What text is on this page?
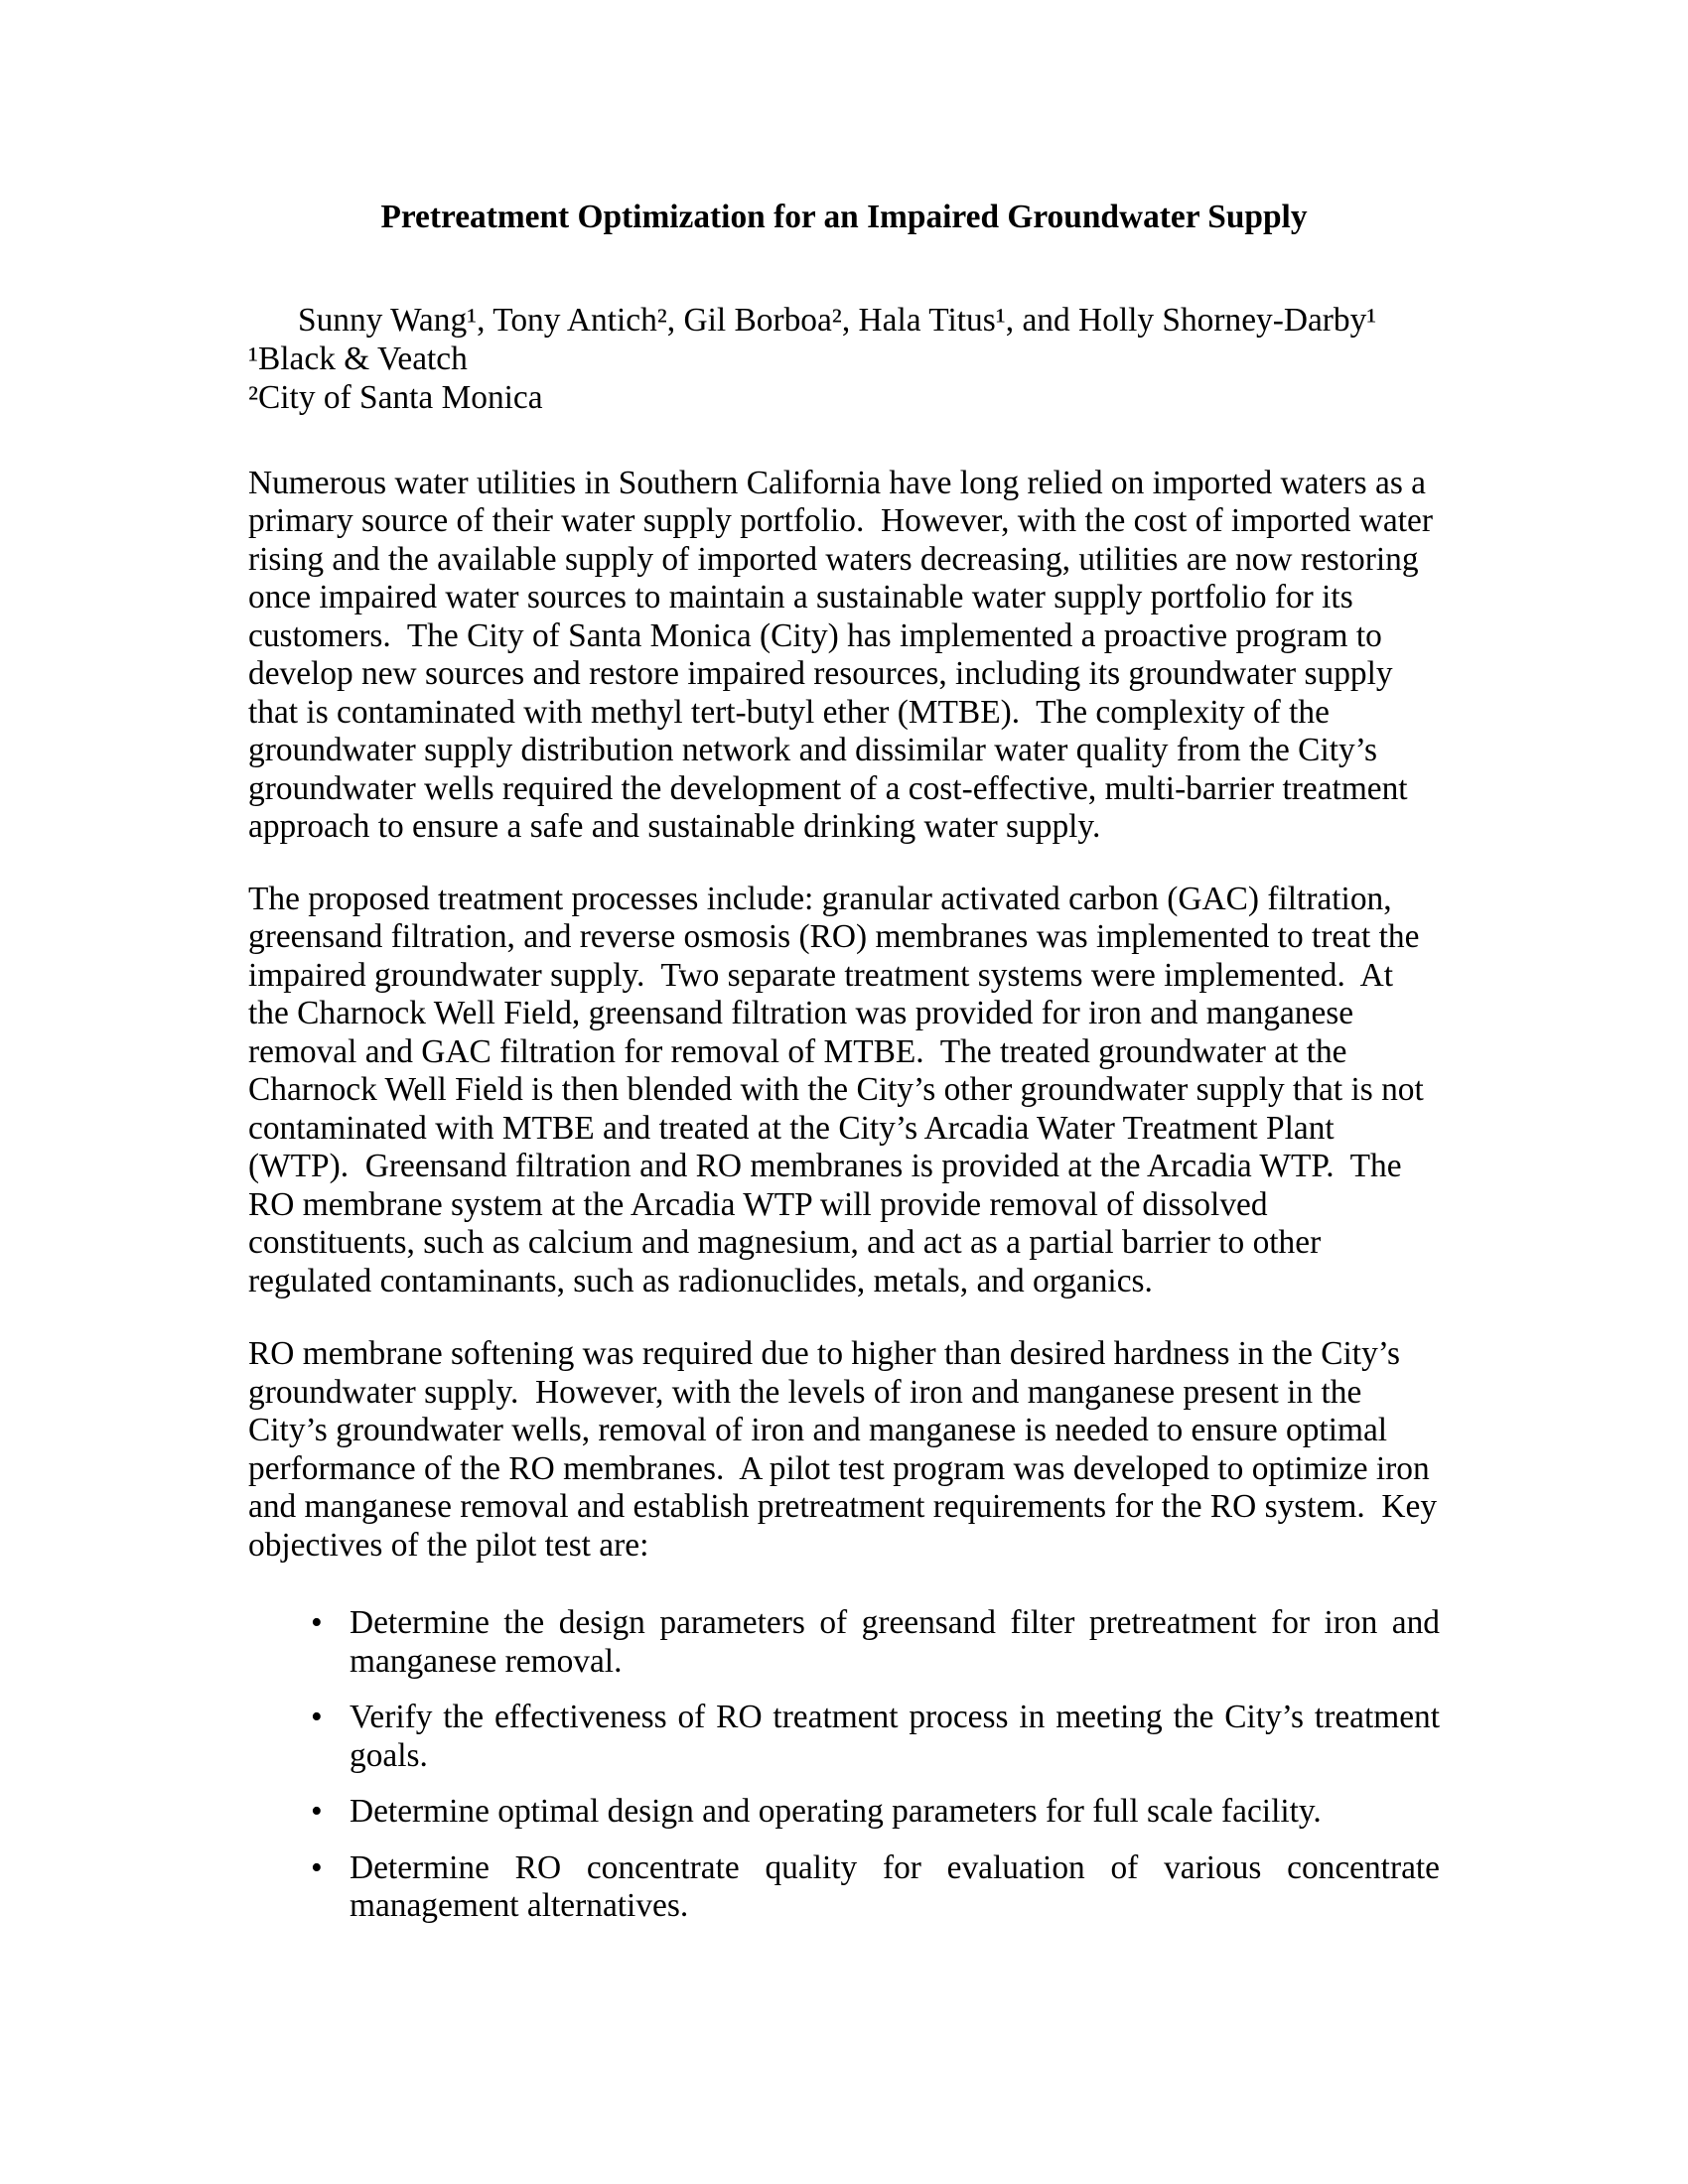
Pretreatment Optimization for an Impaired Groundwater Supply
Sunny Wang¹, Tony Antich², Gil Borboa², Hala Titus¹, and Holly Shorney-Darby¹
¹Black & Veatch
²City of Santa Monica

Numerous water utilities in Southern California have long relied on imported waters as a primary source of their water supply portfolio.  However, with the cost of imported water rising and the available supply of imported waters decreasing, utilities are now restoring once impaired water sources to maintain a sustainable water supply portfolio for its customers.  The City of Santa Monica (City) has implemented a proactive program to develop new sources and restore impaired resources, including its groundwater supply that is contaminated with methyl tert-butyl ether (MTBE).  The complexity of the groundwater supply distribution network and dissimilar water quality from the City’s groundwater wells required the development of a cost-effective, multi-barrier treatment approach to ensure a safe and sustainable drinking water supply.

The proposed treatment processes include: granular activated carbon (GAC) filtration, greensand filtration, and reverse osmosis (RO) membranes was implemented to treat the impaired groundwater supply.  Two separate treatment systems were implemented.  At the Charnock Well Field, greensand filtration was provided for iron and manganese removal and GAC filtration for removal of MTBE.  The treated groundwater at the Charnock Well Field is then blended with the City’s other groundwater supply that is not contaminated with MTBE and treated at the City’s Arcadia Water Treatment Plant (WTP).  Greensand filtration and RO membranes is provided at the Arcadia WTP.  The RO membrane system at the Arcadia WTP will provide removal of dissolved constituents, such as calcium and magnesium, and act as a partial barrier to other regulated contaminants, such as radionuclides, metals, and organics.

RO membrane softening was required due to higher than desired hardness in the City’s groundwater supply.  However, with the levels of iron and manganese present in the City’s groundwater wells, removal of iron and manganese is needed to ensure optimal performance of the RO membranes.  A pilot test program was developed to optimize iron and manganese removal and establish pretreatment requirements for the RO system.  Key objectives of the pilot test are:

• Determine the design parameters of greensand filter pretreatment for iron and manganese removal.
• Verify the effectiveness of RO treatment process in meeting the City’s treatment goals.
• Determine optimal design and operating parameters for full scale facility.
• Determine RO concentrate quality for evaluation of various concentrate management alternatives.
